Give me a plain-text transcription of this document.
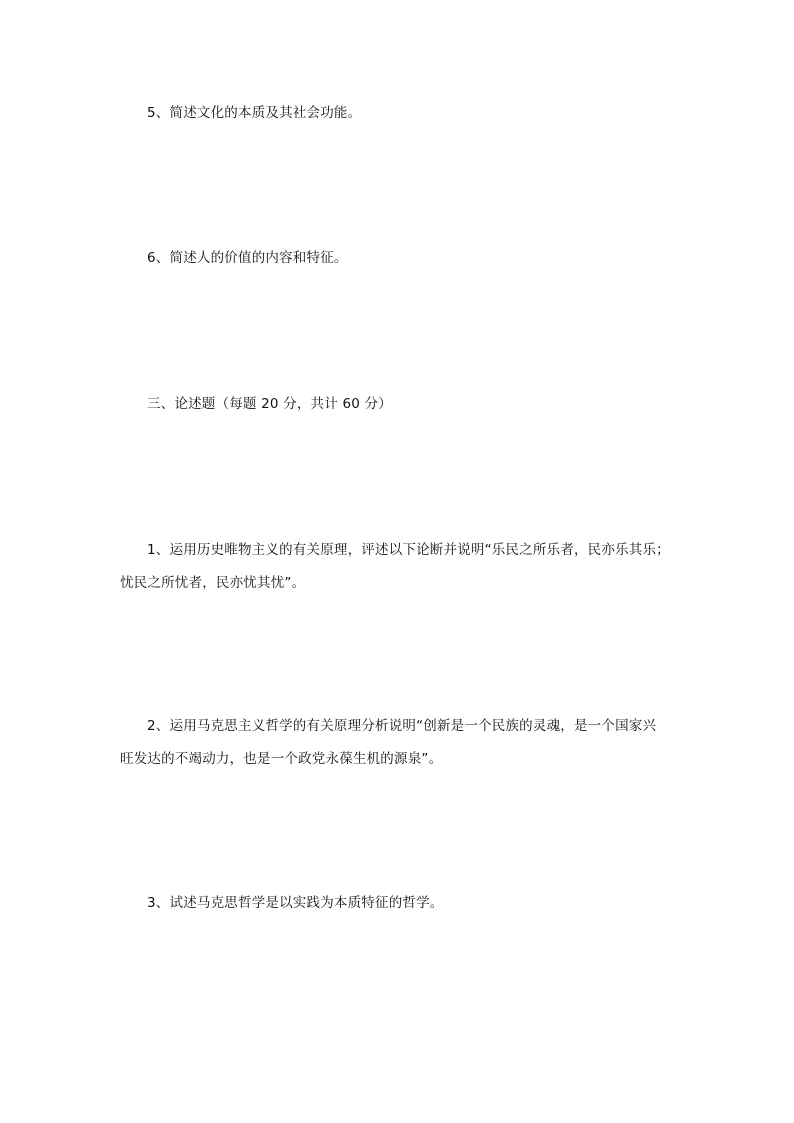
5、简述文化的本质及其社会功能。
6、简述人的价值的内容和特征。
三、论述题（每题 20 分，共计 60 分）
1、运用历史唯物主义的有关原理，评述以下论断并说明“乐民之所乐者，民亦乐其乐；
忧民之所忧者，民亦忧其忧”。
2、运用马克思主义哲学的有关原理分析说明“创新是一个民族的灵魂，是一个国家兴
旺发达的不竭动力，也是一个政党永葆生机的源泉”。
3、试述马克思哲学是以实践为本质特征的哲学。
